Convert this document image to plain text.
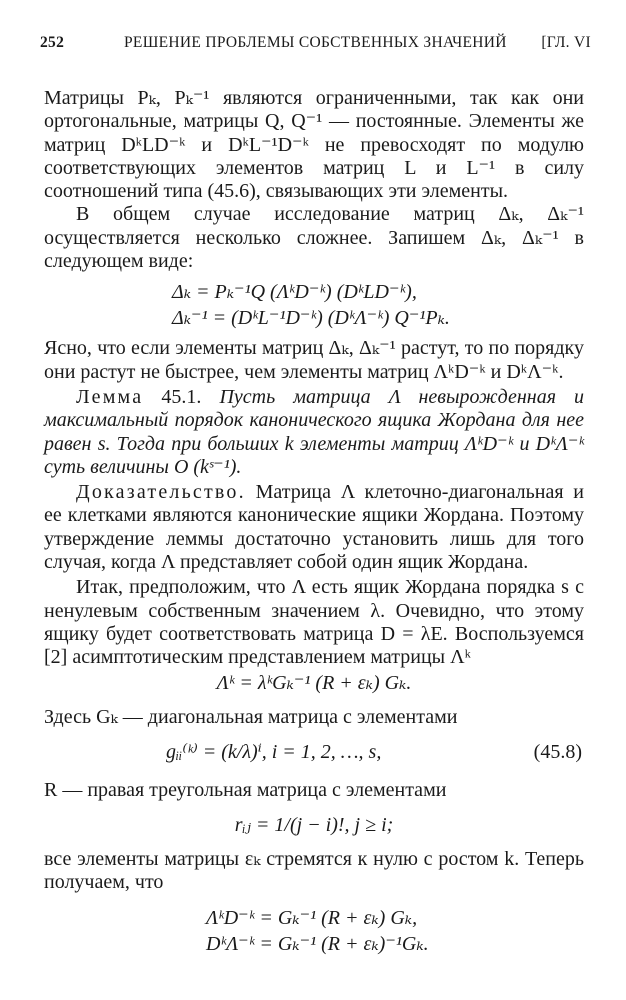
252	РЕШЕНИЕ ПРОБЛЕМЫ СОБСТВЕННЫХ ЗНАЧЕНИЙ [ГЛ. VI

Матрицы Pₖ, Pₖ⁻¹ являются ограниченными, так как они ортогональные, матрицы Q, Q⁻¹ — постоянные. Элементы же матриц DᵏLD⁻ᵏ и DᵏL⁻¹D⁻ᵏ не превосходят по модулю соответствующих элементов матриц L и L⁻¹ в силу соотношений типа (45.6), связывающих эти элементы.

В общем случае исследование матриц Δₖ, Δₖ⁻¹ осуществляется несколько сложнее. Запишем Δₖ, Δₖ⁻¹ в следующем виде:

Δₖ = Pₖ⁻¹Q (ΛᵏD⁻ᵏ) (DᵏLD⁻ᵏ),

Δₖ⁻¹ = (DᵏL⁻¹D⁻ᵏ) (DᵏΛ⁻ᵏ) Q⁻¹Pₖ.

Ясно, что если элементы матриц Δₖ, Δₖ⁻¹ растут, то по порядку они растут не быстрее, чем элементы матриц ΛᵏD⁻ᵏ и DᵏΛ⁻ᵏ.

Лемма 45.1. Пусть матрица Λ невырожденная и максимальный порядок канонического ящика Жордана для нее равен s. Тогда при больших k элементы матриц ΛᵏD⁻ᵏ и DᵏΛ⁻ᵏ суть величины O (kˢ⁻¹).

Доказательство. Матрица Λ клеточно-диагональная и ее клетками являются канонические ящики Жордана. Поэтому утверждение леммы достаточно установить лишь для того случая, когда Λ представляет собой один ящик Жордана.

Итак, предположим, что Λ есть ящик Жордана порядка s с ненулевым собственным значением λ. Очевидно, что этому ящику будет соответствовать матрица D = λE. Воспользуемся [2] асимптотическим представлением матрицы Λᵏ

Λᵏ = λᵏGₖ⁻¹ (R + εₖ) Gₖ.

Здесь Gₖ — диагональная матрица с элементами

gᵢᵢ⁽ᵏ⁾ = (k/λ)ⁱ, i = 1, 2, …, s,	(45.8)

R — правая треугольная матрица с элементами

rᵢⱼ = 1/(j − i)!, j ≥ i;

все элементы матрицы εₖ стремятся к нулю с ростом k. Теперь получаем, что

ΛᵏD⁻ᵏ = Gₖ⁻¹ (R + εₖ) Gₖ,

DᵏΛ⁻ᵏ = Gₖ⁻¹ (R + εₖ)⁻¹Gₖ.
